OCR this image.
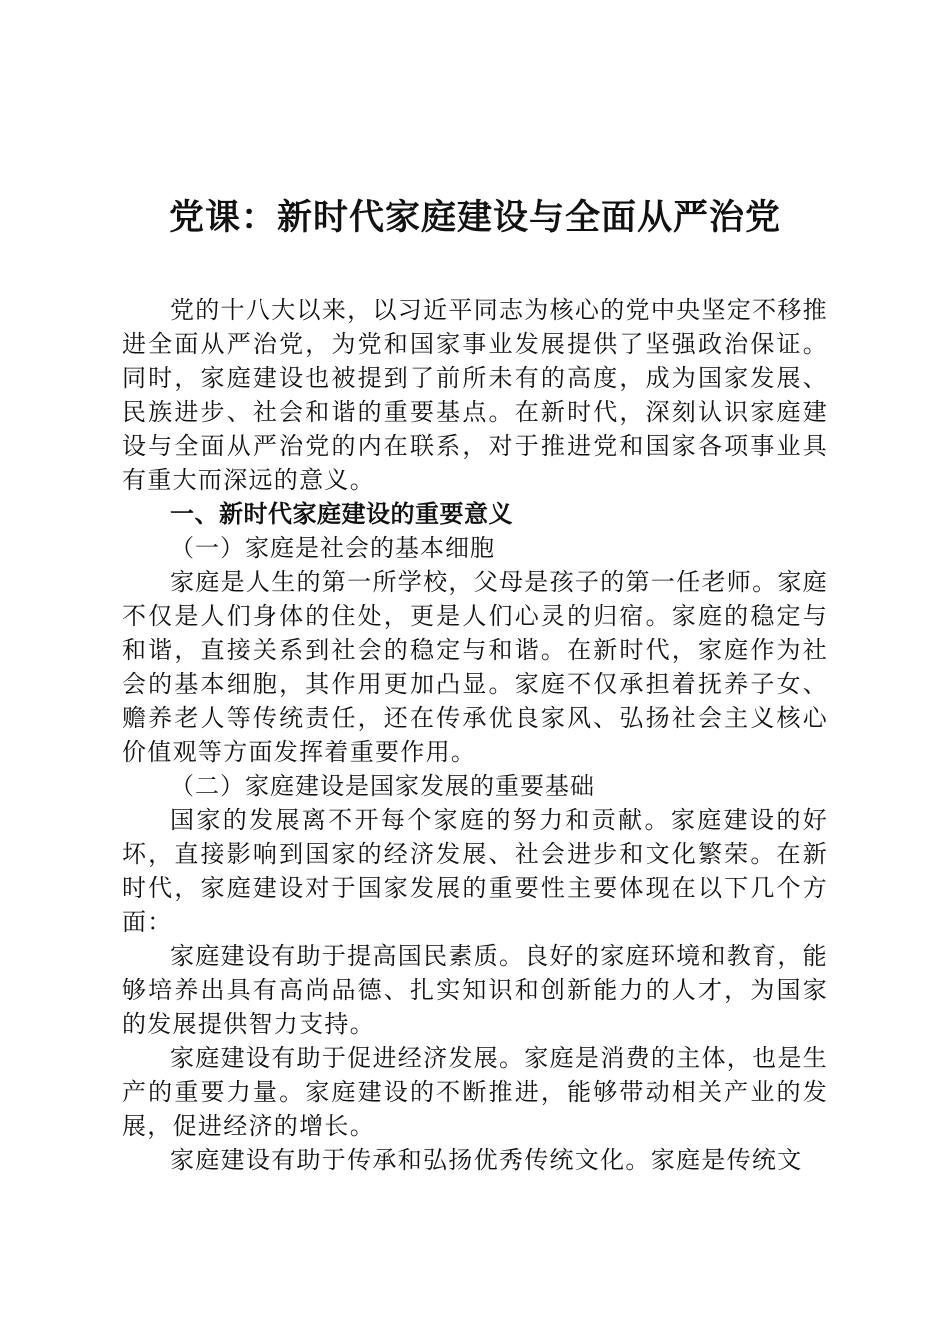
党课：新时代家庭建设与全面从严治党

党的十八大以来，以习近平同志为核心的党中央坚定不移推进全面从严治党，为党和国家事业发展提供了坚强政治保证。同时，家庭建设也被提到了前所未有的高度，成为国家发展、民族进步、社会和谐的重要基点。在新时代，深刻认识家庭建设与全面从严治党的内在联系，对于推进党和国家各项事业具有重大而深远的意义。

一、新时代家庭建设的重要意义

（一）家庭是社会的基本细胞

家庭是人生的第一所学校，父母是孩子的第一任老师。家庭不仅是人们身体的住处，更是人们心灵的归宿。家庭的稳定与和谐，直接关系到社会的稳定与和谐。在新时代，家庭作为社会的基本细胞，其作用更加凸显。家庭不仅承担着抚养子女、赡养老人等传统责任，还在传承优良家风、弘扬社会主义核心价值观等方面发挥着重要作用。

（二）家庭建设是国家发展的重要基础

国家的发展离不开每个家庭的努力和贡献。家庭建设的好坏，直接影响到国家的经济发展、社会进步和文化繁荣。在新时代，家庭建设对于国家发展的重要性主要体现在以下几个方面：

家庭建设有助于提高国民素质。良好的家庭环境和教育，能够培养出具有高尚品德、扎实知识和创新能力的人才，为国家的发展提供智力支持。

家庭建设有助于促进经济发展。家庭是消费的主体，也是生产的重要力量。家庭建设的不断推进，能够带动相关产业的发展，促进经济的增长。

家庭建设有助于传承和弘扬优秀传统文化。家庭是传统文
